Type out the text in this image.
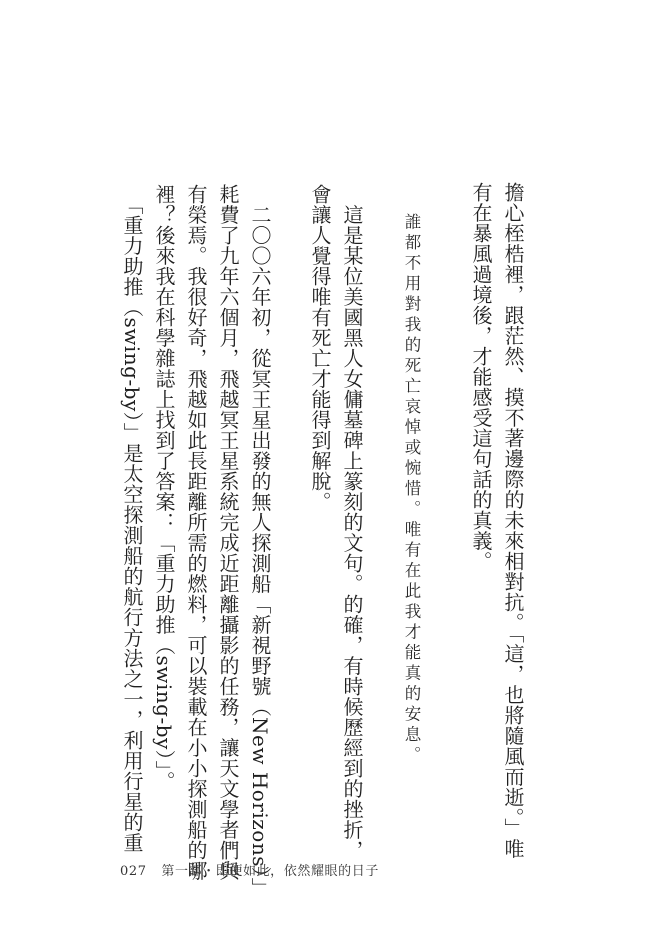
擔心桎梏裡，跟茫然、摸不著邊際的未來相對抗。「這，也將隨風而逝。」唯
有在暴風過境後，才能感受這句話的真義。
誰都不用對我的死亡哀悼或惋惜。唯有在此我才能真的安息。
　這是某位美國黑人女傭墓碑上篆刻的文句。的確，有時候歷經到的挫折，
會讓人覺得唯有死亡才能得到解脫。
　二〇〇六年初，從冥王星出發的無人探測船「新視野號（New Horizons）」
耗費了九年六個月，飛越冥王星系統完成近距離攝影的任務，讓天文學者們與
有榮焉。我很好奇，飛越如此長距離所需的燃料，可以裝載在小小探測船的哪
裡？後來我在科學雜誌上找到了答案：「重力助推（swing-by）」。
　「重力助推（swing-by）」是太空探測船的航行方法之一，利用行星的重
027 第一部・即便如此，依然耀眼的日子
